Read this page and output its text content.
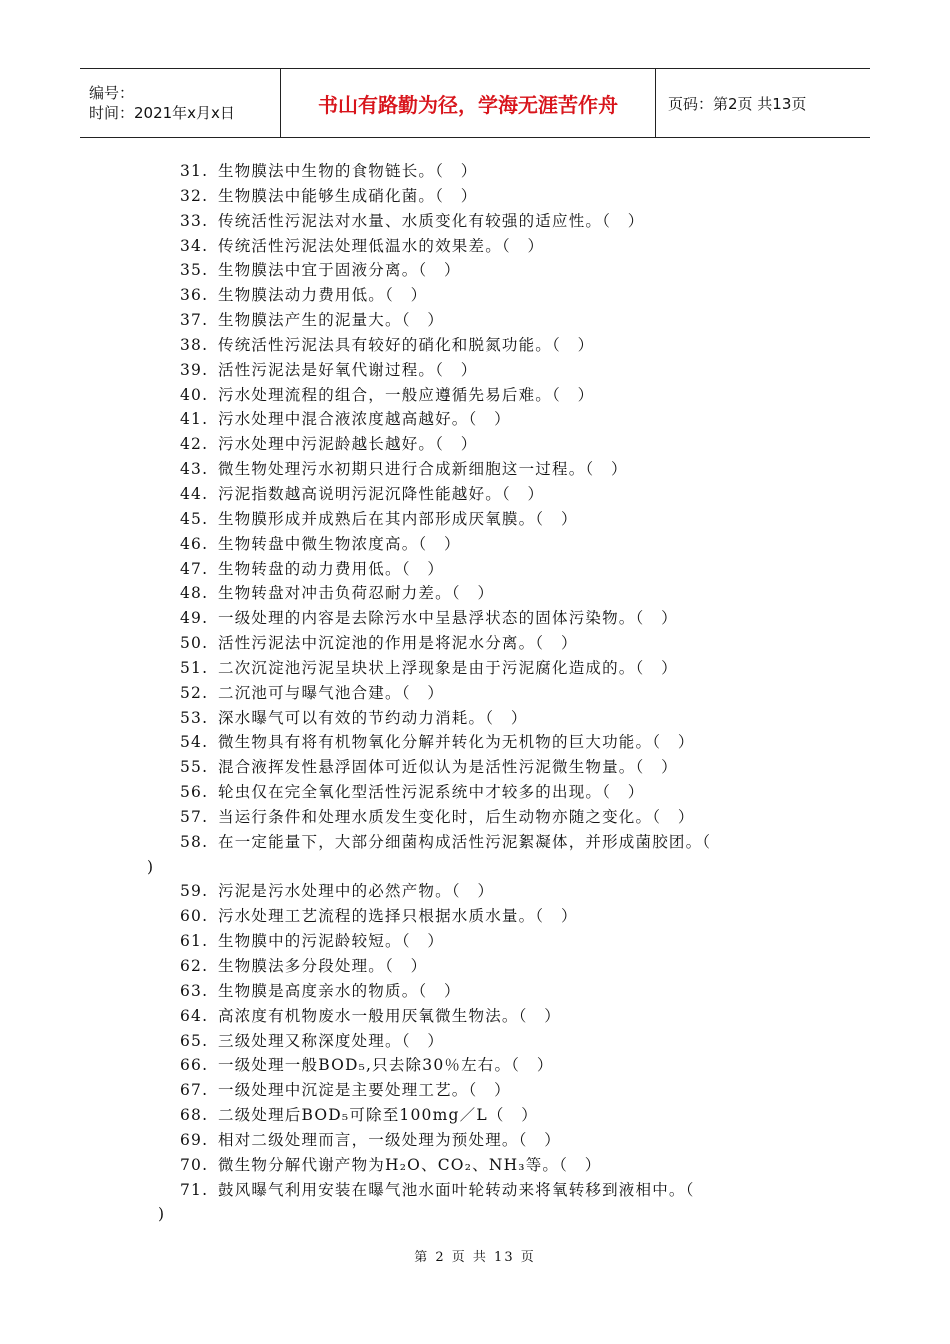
编号：
时间：2021年x月x日	书山有路勤为径，学海无涯苦作舟	页码：第2页 共13页
31. 生物膜法中生物的食物链长。（　）
32. 生物膜法中能够生成硝化菌。（　）
33. 传统活性污泥法对水量、水质变化有较强的适应性。（　）
34. 传统活性污泥法处理低温水的效果差。（　）
35. 生物膜法中宜于固液分离。（　）
36. 生物膜法动力费用低。（　）
37. 生物膜法产生的泥量大。（　）
38. 传统活性污泥法具有较好的硝化和脱氮功能。（　）
39. 活性污泥法是好氧代谢过程。（　）
40. 污水处理流程的组合，一般应遵循先易后难。（　）
41. 污水处理中混合液浓度越高越好。（　）
42. 污水处理中污泥龄越长越好。（　）
43. 微生物处理污水初期只进行合成新细胞这一过程。（　）
44. 污泥指数越高说明污泥沉降性能越好。（　）
45. 生物膜形成并成熟后在其内部形成厌氧膜。（　）
46. 生物转盘中微生物浓度高。（　）
47. 生物转盘的动力费用低。（　）
48. 生物转盘对冲击负荷忍耐力差。（　）
49. 一级处理的内容是去除污水中呈悬浮状态的固体污染物。（　）
50. 活性污泥法中沉淀池的作用是将泥水分离。（　）
51. 二次沉淀池污泥呈块状上浮现象是由于污泥腐化造成的。（　）
52. 二沉池可与曝气池合建。（　）
53. 深水曝气可以有效的节约动力消耗。（　）
54. 微生物具有将有机物氧化分解并转化为无机物的巨大功能。（　）
55. 混合液挥发性悬浮固体可近似认为是活性污泥微生物量。（　）
56. 轮虫仅在完全氧化型活性污泥系统中才较多的出现。（　）
57. 当运行条件和处理水质发生变化时，后生动物亦随之变化。（　）
58. 在一定能量下，大部分细菌构成活性污泥絮凝体，并形成菌胶团。（
)
59. 污泥是污水处理中的必然产物。（　）
60. 污水处理工艺流程的选择只根据水质水量。（　）
61. 生物膜中的污泥龄较短。（　）
62. 生物膜法多分段处理。（　）
63. 生物膜是高度亲水的物质。（　）
64. 高浓度有机物废水一般用厌氧微生物法。（　）
65. 三级处理又称深度处理。（　）
66. 一级处理一般BOD₅,只去除30％左右。（　）
67. 一级处理中沉淀是主要处理工艺。（　）
68. 二级处理后BOD₅可除至100mg／L（　）
69. 相对二级处理而言，一级处理为预处理。（　）
70. 微生物分解代谢产物为H₂O、CO₂、NH₃等。（　）
71. 鼓风曝气利用安装在曝气池水面叶轮转动来将氧转移到液相中。（
)
第 2 页 共 13 页
